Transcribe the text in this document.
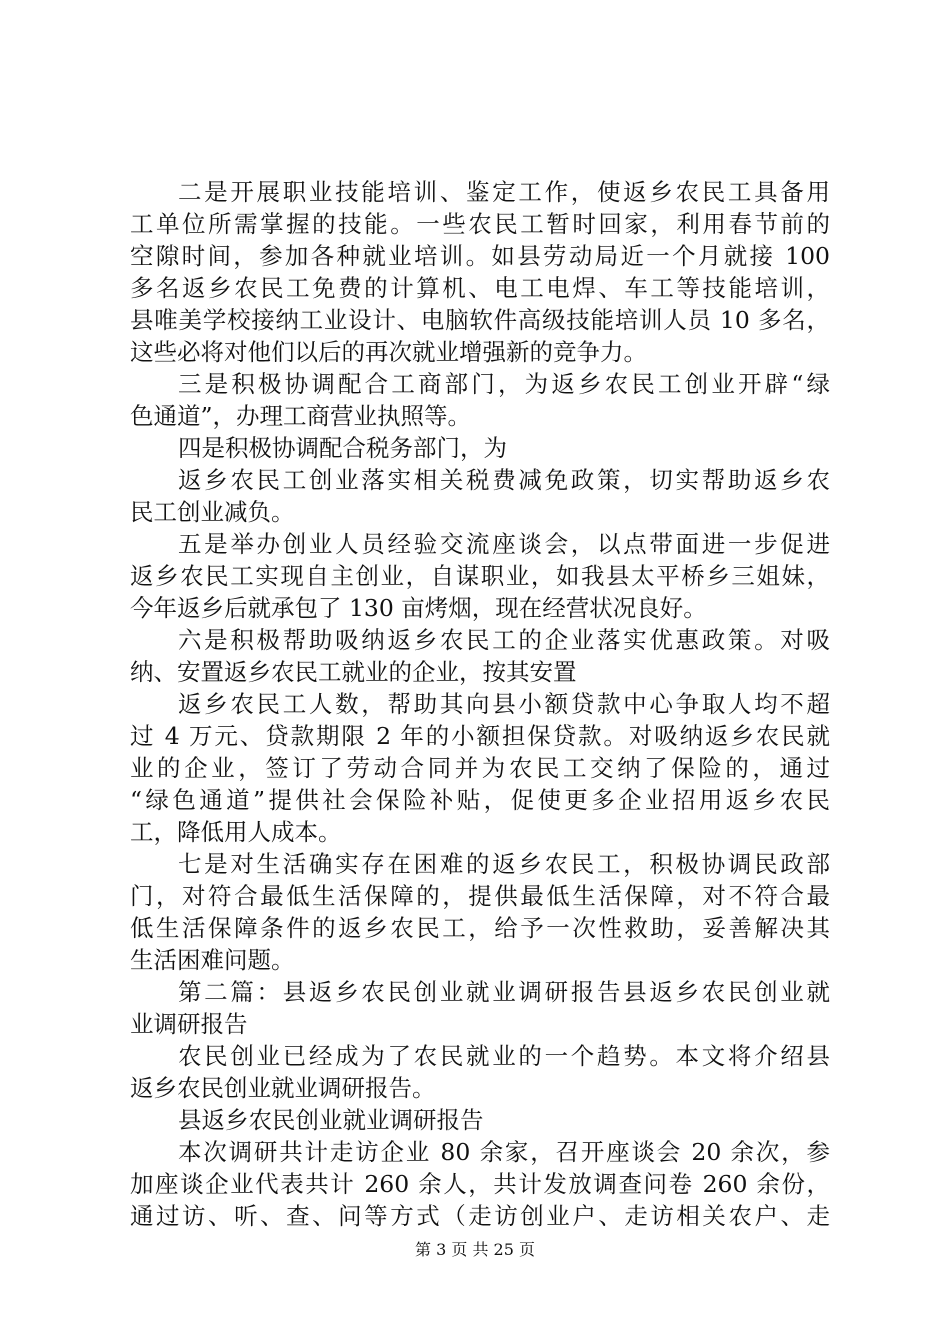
二是开展职业技能培训、鉴定工作，使返乡农民工具备用
工单位所需掌握的技能。一些农民工暂时回家，利用春节前的
空隙时间，参加各种就业培训。如县劳动局近一个月就接 100
多名返乡农民工免费的计算机、电工电焊、车工等技能培训，
县唯美学校接纳工业设计、电脑软件高级技能培训人员 10 多名，
这些必将对他们以后的再次就业增强新的竞争力。
三是积极协调配合工商部门，为返乡农民工创业开辟“绿
色通道”，办理工商营业执照等。
四是积极协调配合税务部门，为
返乡农民工创业落实相关税费减免政策，切实帮助返乡农
民工创业减负。
五是举办创业人员经验交流座谈会，以点带面进一步促进
返乡农民工实现自主创业，自谋职业，如我县太平桥乡三姐妹，
今年返乡后就承包了 130 亩烤烟，现在经营状况良好。
六是积极帮助吸纳返乡农民工的企业落实优惠政策。对吸
纳、安置返乡农民工就业的企业，按其安置
返乡农民工人数，帮助其向县小额贷款中心争取人均不超
过 4 万元、贷款期限 2 年的小额担保贷款。对吸纳返乡农民就
业的企业，签订了劳动合同并为农民工交纳了保险的，通过
“绿色通道”提供社会保险补贴，促使更多企业招用返乡农民
工，降低用人成本。
七是对生活确实存在困难的返乡农民工，积极协调民政部
门，对符合最低生活保障的，提供最低生活保障，对不符合最
低生活保障条件的返乡农民工，给予一次性救助，妥善解决其
生活困难问题。
第二篇：县返乡农民创业就业调研报告县返乡农民创业就
业调研报告
农民创业已经成为了农民就业的一个趋势。本文将介绍县
返乡农民创业就业调研报告。
县返乡农民创业就业调研报告
本次调研共计走访企业 80 余家，召开座谈会 20 余次，参
加座谈企业代表共计 260 余人，共计发放调查问卷 260 余份，
通过访、听、查、问等方式（走访创业户、走访相关农户、走
第 3 页 共 25 页
